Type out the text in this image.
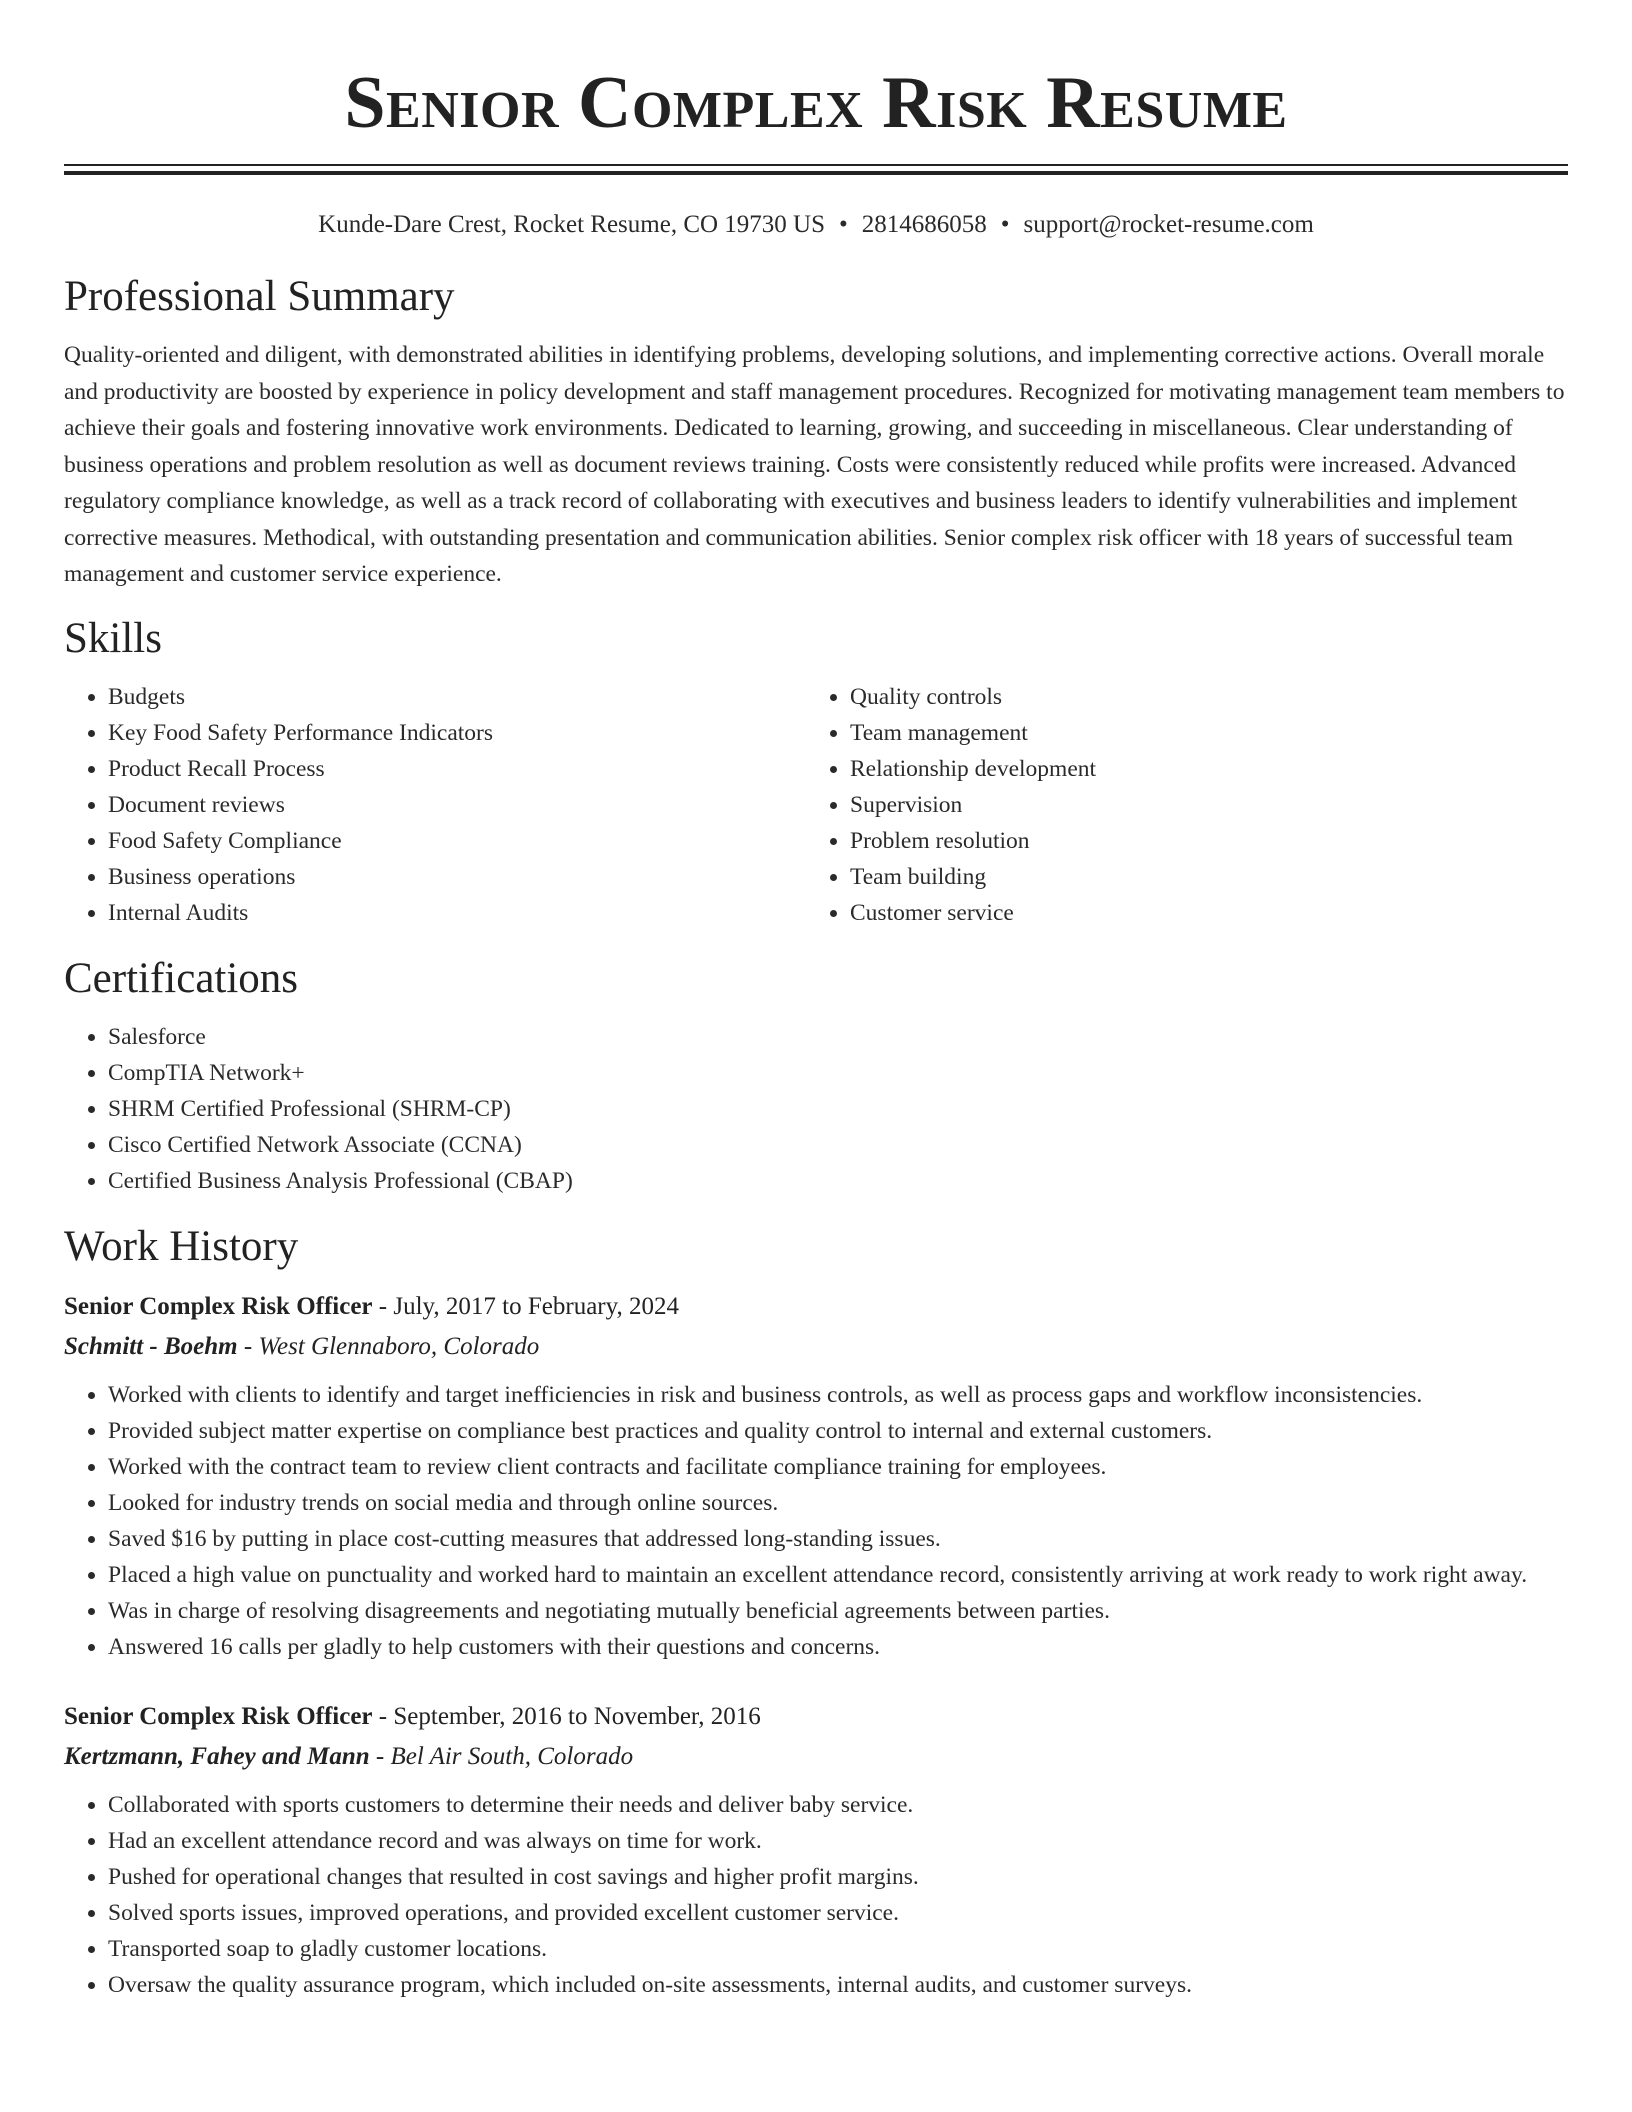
Senior Complex Risk Resume
Kunde-Dare Crest, Rocket Resume, CO 19730 US • 2814686058 • support@rocket-resume.com
Professional Summary
Quality-oriented and diligent, with demonstrated abilities in identifying problems, developing solutions, and implementing corrective actions. Overall morale and productivity are boosted by experience in policy development and staff management procedures. Recognized for motivating management team members to achieve their goals and fostering innovative work environments. Dedicated to learning, growing, and succeeding in miscellaneous. Clear understanding of business operations and problem resolution as well as document reviews training. Costs were consistently reduced while profits were increased. Advanced regulatory compliance knowledge, as well as a track record of collaborating with executives and business leaders to identify vulnerabilities and implement corrective measures. Methodical, with outstanding presentation and communication abilities. Senior complex risk officer with 18 years of successful team management and customer service experience.
Skills
• Budgets
• Key Food Safety Performance Indicators
• Product Recall Process
• Document reviews
• Food Safety Compliance
• Business operations
• Internal Audits
• Quality controls
• Team management
• Relationship development
• Supervision
• Problem resolution
• Team building
• Customer service
Certifications
• Salesforce
• CompTIA Network+
• SHRM Certified Professional (SHRM-CP)
• Cisco Certified Network Associate (CCNA)
• Certified Business Analysis Professional (CBAP)
Work History
Senior Complex Risk Officer - July, 2017 to February, 2024
Schmitt - Boehm - West Glennaboro, Colorado
• Worked with clients to identify and target inefficiencies in risk and business controls, as well as process gaps and workflow inconsistencies.
• Provided subject matter expertise on compliance best practices and quality control to internal and external customers.
• Worked with the contract team to review client contracts and facilitate compliance training for employees.
• Looked for industry trends on social media and through online sources.
• Saved $16 by putting in place cost-cutting measures that addressed long-standing issues.
• Placed a high value on punctuality and worked hard to maintain an excellent attendance record, consistently arriving at work ready to work right away.
• Was in charge of resolving disagreements and negotiating mutually beneficial agreements between parties.
• Answered 16 calls per gladly to help customers with their questions and concerns.
Senior Complex Risk Officer - September, 2016 to November, 2016
Kertzmann, Fahey and Mann - Bel Air South, Colorado
• Collaborated with sports customers to determine their needs and deliver baby service.
• Had an excellent attendance record and was always on time for work.
• Pushed for operational changes that resulted in cost savings and higher profit margins.
• Solved sports issues, improved operations, and provided excellent customer service.
• Transported soap to gladly customer locations.
• Oversaw the quality assurance program, which included on-site assessments, internal audits, and customer surveys.
